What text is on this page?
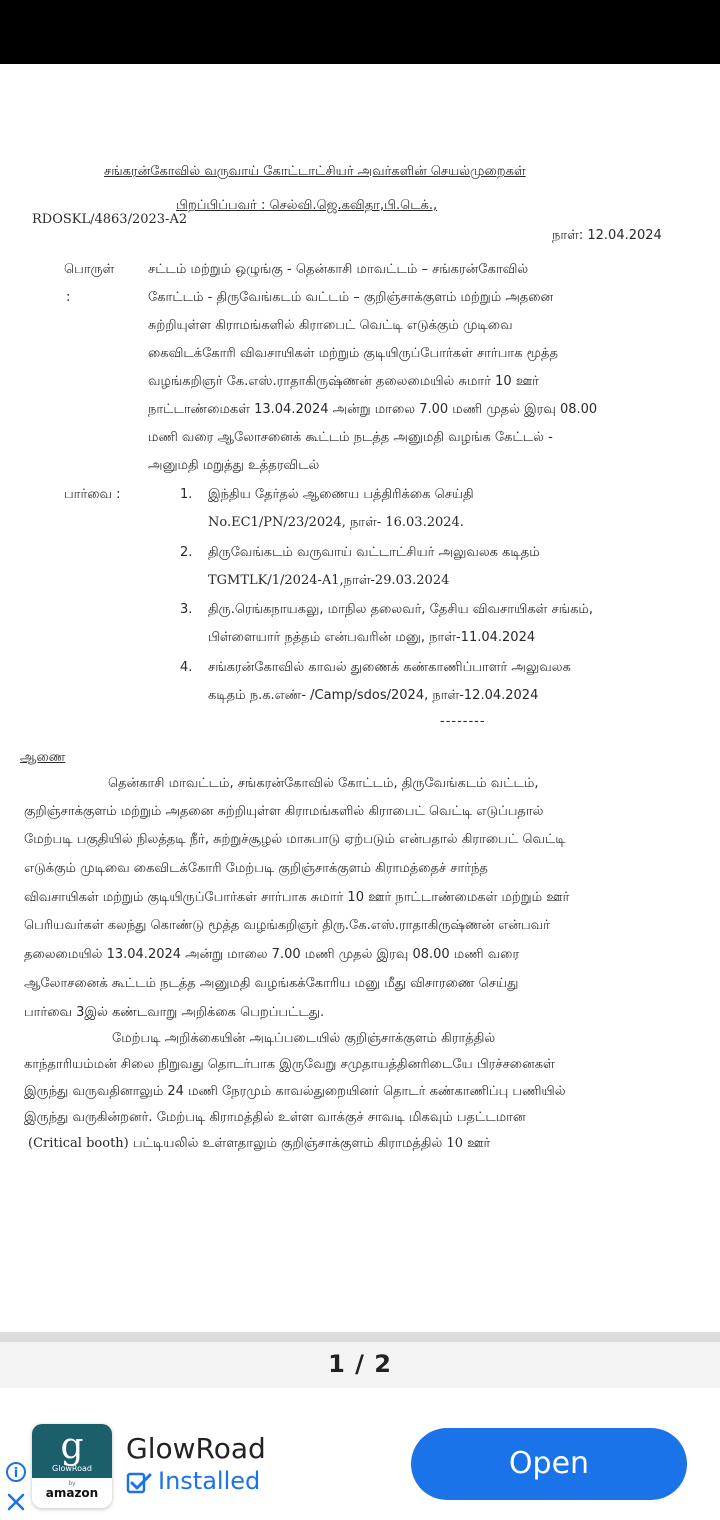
சங்கரன்கோவில் வருவாய் கோட்டாட்சியர் அவர்களின் செயல்முறைகள்
பிறப்பிப்பவர் : செல்வி.ஜெ.கவிதா,பி.டெக்.,
RDOSKL/4863/2023-A2
நாள்: 12.04.2024
பொருள்
:
சட்டம் மற்றும் ஒழுங்கு - தென்காசி மாவட்டம் – சங்கரன்கோவில்
கோட்டம் - திருவேங்கடம் வட்டம் – குறிஞ்சாக்குளம் மற்றும் அதனை
சுற்றியுள்ள கிராமங்களில் கிராபைட் வெட்டி எடுக்கும் முடிவை
கைவிடக்கோரி விவசாயிகள் மற்றும் குடியிருப்போர்கள் சார்பாக மூத்த
வழங்கறிஞர் கே.எஸ்.ராதாகிருஷ்ணன் தலைமையில் சுமார் 10 ஊர்
நாட்டாண்மைகள் 13.04.2024 அன்று மாலை 7.00 மணி முதல் இரவு 08.00
மணி வரை ஆலோசனைக் கூட்டம் நடத்த அனுமதி வழங்க கேட்டல் -
அனுமதி மறுத்து உத்தரவிடல்
பார்வை :	1. இந்திய தேர்தல் ஆணைய பத்திரிக்கை செய்தி
No.EC1/PN/23/2024, நாள்- 16.03.2024.
2. திருவேங்கடம் வருவாய் வட்டாட்சியர் அலுவலக கடிதம்
TGMTLK/1/2024-A1,நாள்-29.03.2024
3. திரு.ரெங்கநாயகலு, மாநில தலைவர், தேசிய விவசாயிகள் சங்கம்,
பிள்ளையார் நத்தம் என்பவரின் மனு, நாள்-11.04.2024
4. சங்கரன்கோவில் காவல் துணைக் கண்காணிப்பாளர் அலுவலக
கடிதம் ந.க.எண்- /Camp/sdos/2024, நாள்-12.04.2024
--------
ஆணை
தென்காசி மாவட்டம், சங்கரன்கோவில் கோட்டம், திருவேங்கடம் வட்டம்,
குறிஞ்சாக்குளம் மற்றும் அதனை சுற்றியுள்ள கிராமங்களில் கிராபைட் வெட்டி எடுப்பதால்
மேற்படி பகுதியில் நிலத்தடி நீர், சுற்றுச்சூழல் மாசுபாடு ஏற்படும் என்பதால் கிராபைட் வெட்டி
எடுக்கும் முடிவை கைவிடக்கோரி மேற்படி குறிஞ்சாக்குளம் கிராமத்தைச் சார்ந்த
விவசாயிகள் மற்றும் குடியிருப்போர்கள் சார்பாக சுமார் 10 ஊர் நாட்டாண்மைகள் மற்றும் ஊர்
பெரியவர்கள் கலந்து கொண்டு மூத்த வழங்கறிஞர் திரு.கே.எஸ்.ராதாகிருஷ்ணன் என்பவர்
தலைமையில் 13.04.2024 அன்று மாலை 7.00 மணி முதல் இரவு 08.00 மணி வரை
ஆலோசனைக் கூட்டம் நடத்த அனுமதி வழங்கக்கோரிய மனு மீது விசாரணை செய்து
பார்வை 3இல் கண்டவாறு அறிக்கை பெறப்பட்டது.
மேற்படி அறிக்கையின் அடிப்படையில் குறிஞ்சாக்குளம் கிராத்தில்
காந்தாரியம்மன் சிலை நிறுவது தொடர்பாக இருவேறு சமுதாயத்தினரிடையே பிரச்சனைகள்
இருந்து வருவதினாலும் 24 மணி நேரமும் காவல்துறையினர் தொடர் கண்காணிப்பு பணியில்
இருந்து வருகின்றனர். மேற்படி கிராமத்தில் உள்ள வாக்குச் சாவடி மிகவும் பதட்டமான
(Critical booth) பட்டியலில் உள்ளதாலும் குறிஞ்சாக்குளம் கிராமத்தில் 10 ஊர்
1 / 2
g
GlowRoad
by
amazon
GlowRoad
Installed
i	Open
